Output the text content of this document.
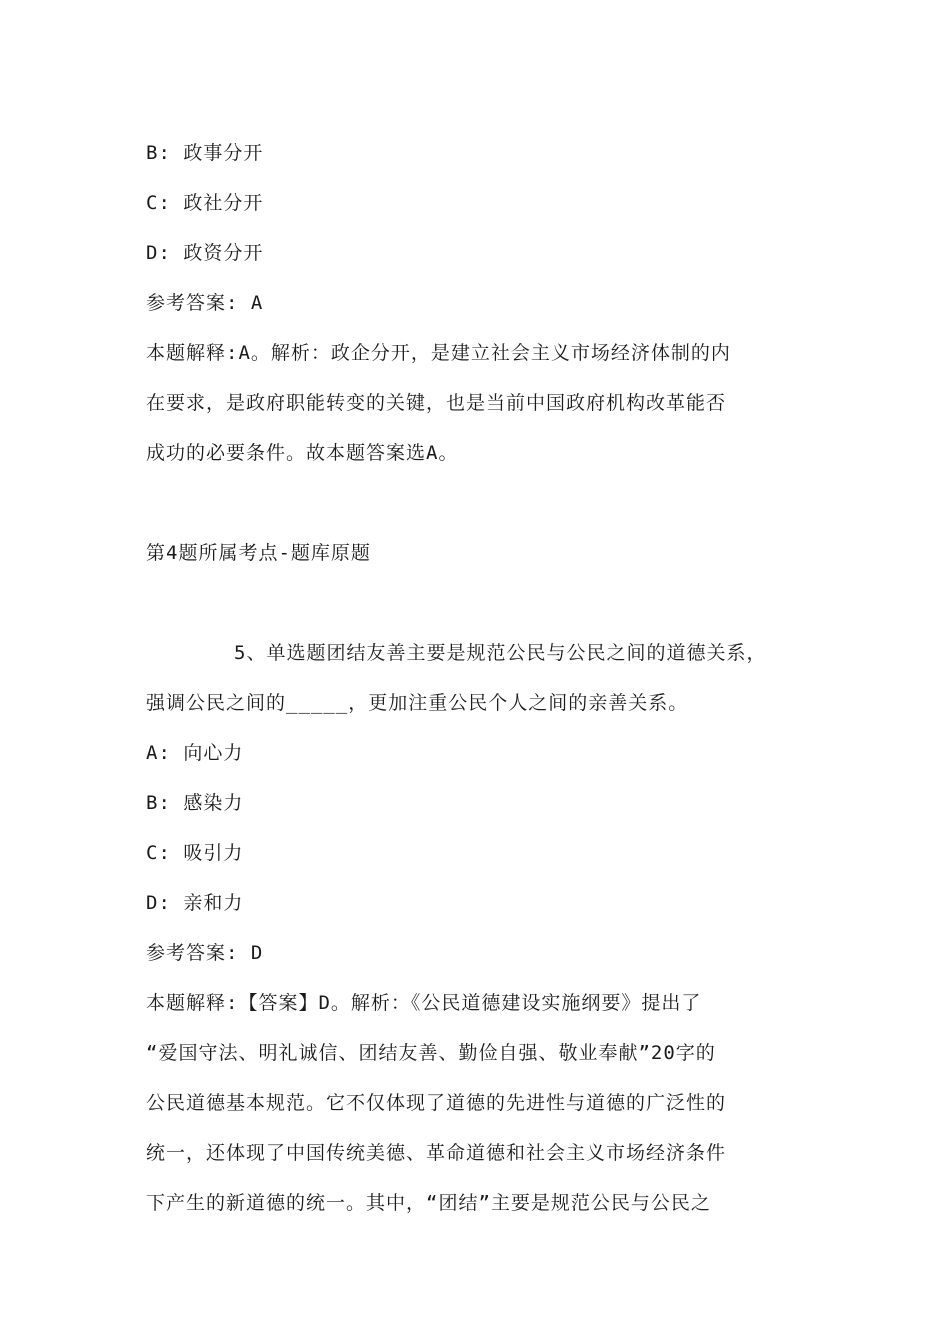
B: 政事分开
C: 政社分开
D: 政资分开
参考答案: A
本题解释:A。解析：政企分开，是建立社会主义市场经济体制的内
在要求，是政府职能转变的关键，也是当前中国政府机构改革能否
成功的必要条件。故本题答案选A。
第4题所属考点-题库原题
5、单选题团结友善主要是规范公民与公民之间的道德关系，
强调公民之间的_____，更加注重公民个人之间的亲善关系。
A: 向心力
B: 感染力
C: 吸引力
D: 亲和力
参考答案: D
本题解释:【答案】D。解析：《公民道德建设实施纲要》提出了
“爱国守法、明礼诚信、团结友善、勤俭自强、敬业奉献”20字的
公民道德基本规范。它不仅体现了道德的先进性与道德的广泛性的
统一，还体现了中国传统美德、革命道德和社会主义市场经济条件
下产生的新道德的统一。其中，“团结”主要是规范公民与公民之
